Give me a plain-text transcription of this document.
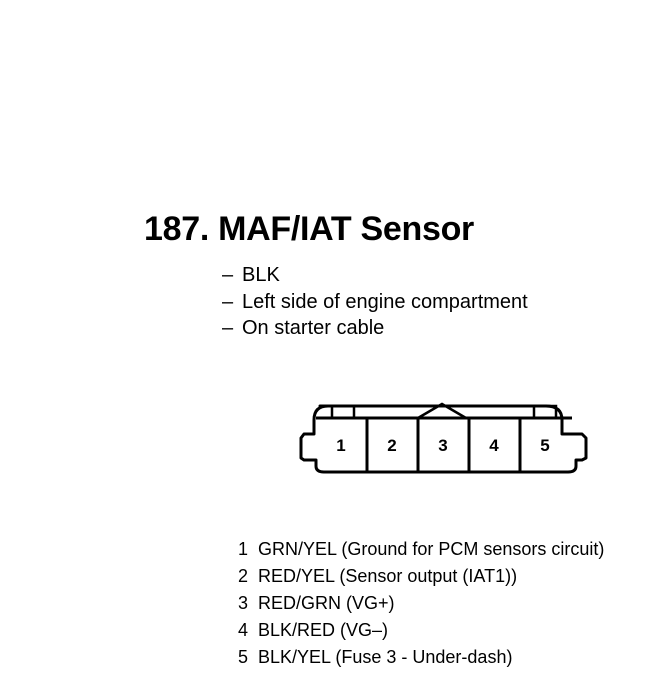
187. MAF/IAT Sensor
– BLK
– Left side of engine compartment
– On starter cable
1 2 3 4 5
1 GRN/YEL (Ground for PCM sensors circuit)
2 RED/YEL (Sensor output (IAT1))
3 RED/GRN (VG+)
4 BLK/RED (VG–)
5 BLK/YEL (Fuse 3 - Under-dash)
